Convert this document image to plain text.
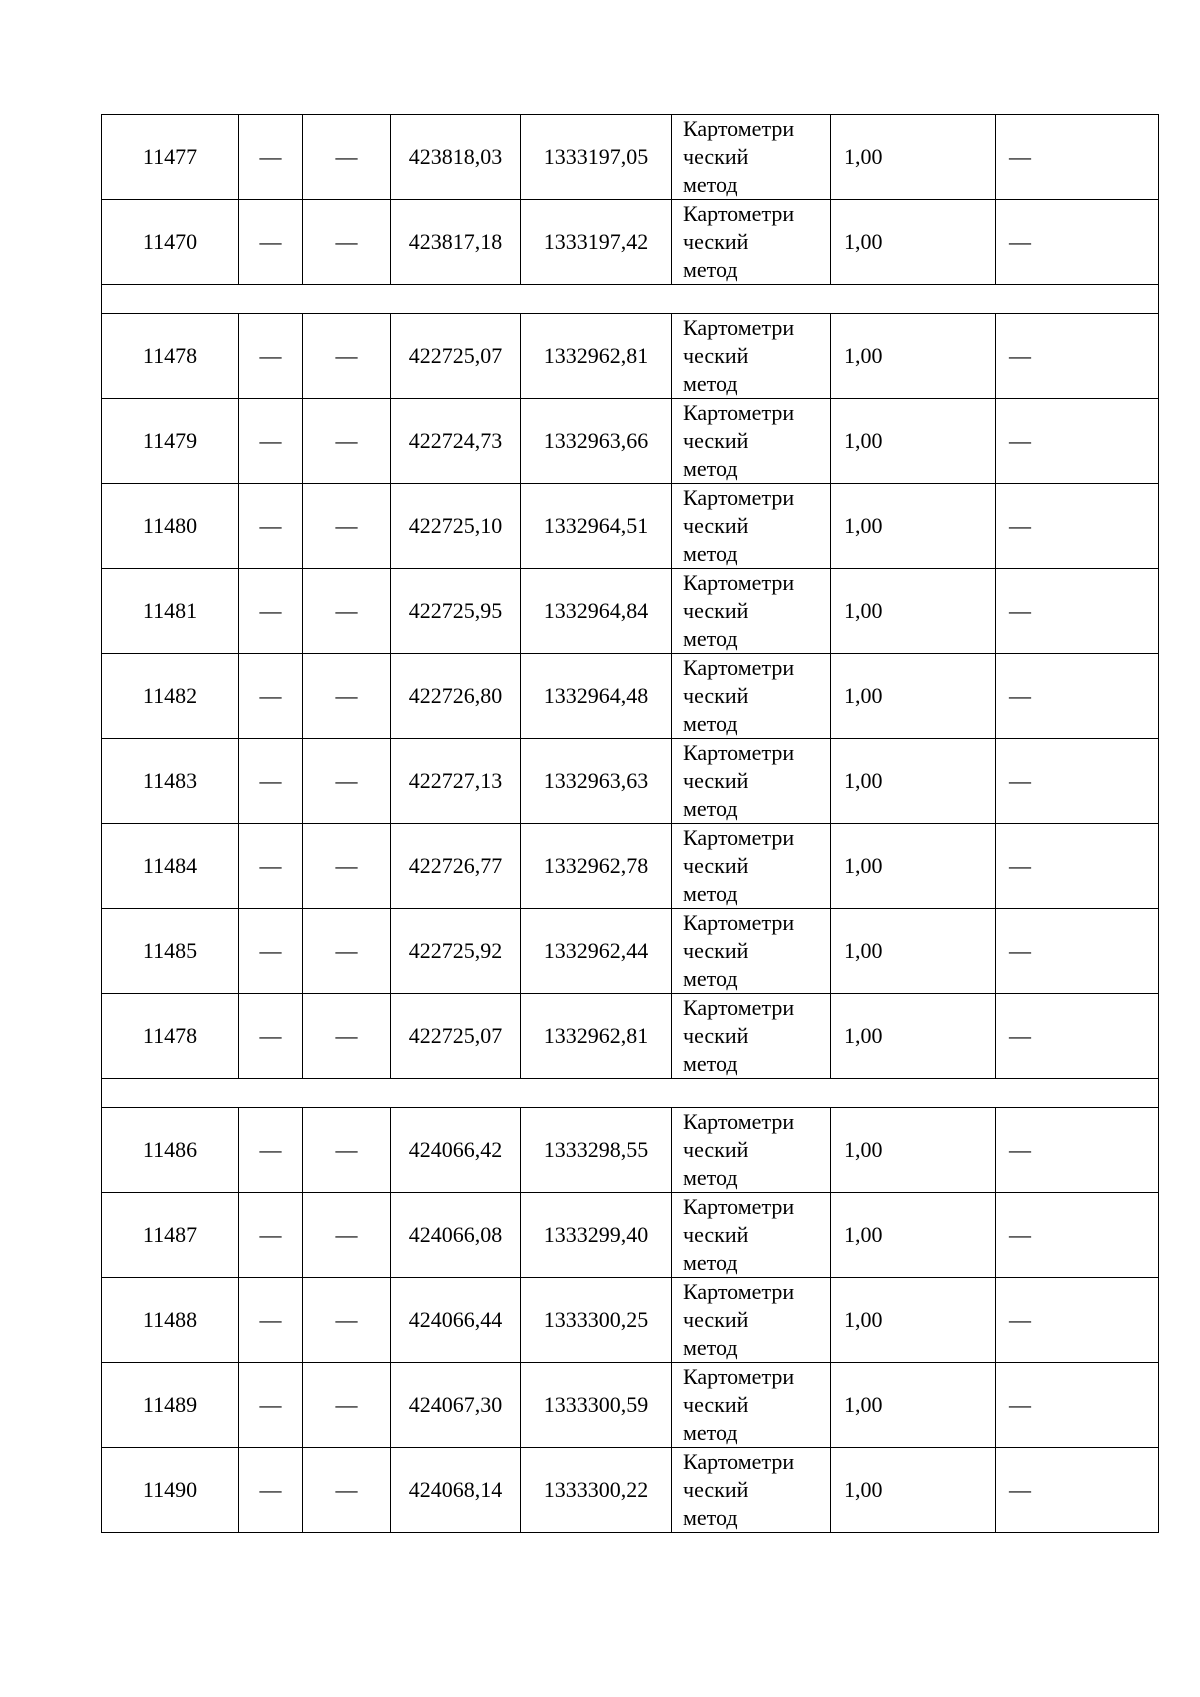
11477	—	—	423818,03	1333197,05	Картометри
ческий
метод	1,00	—
11470	—	—	423817,18	1333197,42	Картометри
ческий
метод	1,00	—

11478	—	—	422725,07	1332962,81	Картометри
ческий
метод	1,00	—
11479	—	—	422724,73	1332963,66	Картометри
ческий
метод	1,00	—
11480	—	—	422725,10	1332964,51	Картометри
ческий
метод	1,00	—
11481	—	—	422725,95	1332964,84	Картометри
ческий
метод	1,00	—
11482	—	—	422726,80	1332964,48	Картометри
ческий
метод	1,00	—
11483	—	—	422727,13	1332963,63	Картометри
ческий
метод	1,00	—
11484	—	—	422726,77	1332962,78	Картометри
ческий
метод	1,00	—
11485	—	—	422725,92	1332962,44	Картометри
ческий
метод	1,00	—
11478	—	—	422725,07	1332962,81	Картометри
ческий
метод	1,00	—

11486	—	—	424066,42	1333298,55	Картометри
ческий
метод	1,00	—
11487	—	—	424066,08	1333299,40	Картометри
ческий
метод	1,00	—
11488	—	—	424066,44	1333300,25	Картометри
ческий
метод	1,00	—
11489	—	—	424067,30	1333300,59	Картометри
ческий
метод	1,00	—
11490	—	—	424068,14	1333300,22	Картометри
ческий
метод	1,00	—
